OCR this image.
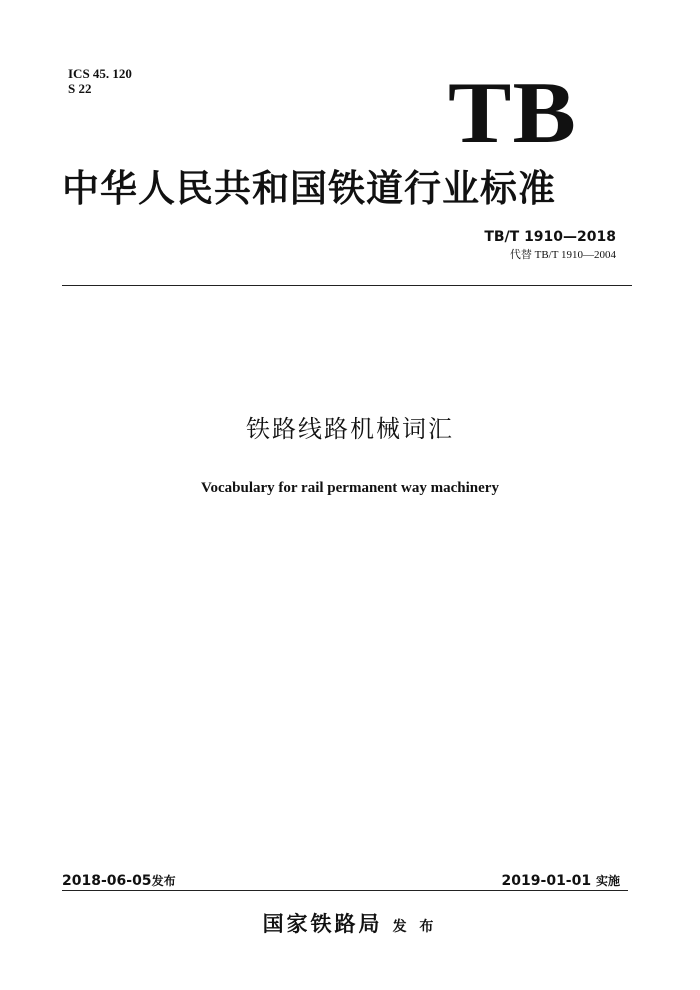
ICS 45. 120
S 22	TB
中华人民共和国铁道行业标准
TB/T 1910—2018
代替 TB/T 1910—2004
铁路线路机械词汇
Vocabulary for rail permanent way machinery
2018-06-05发布	2019-01-01 实施
国家铁路局 发 布
